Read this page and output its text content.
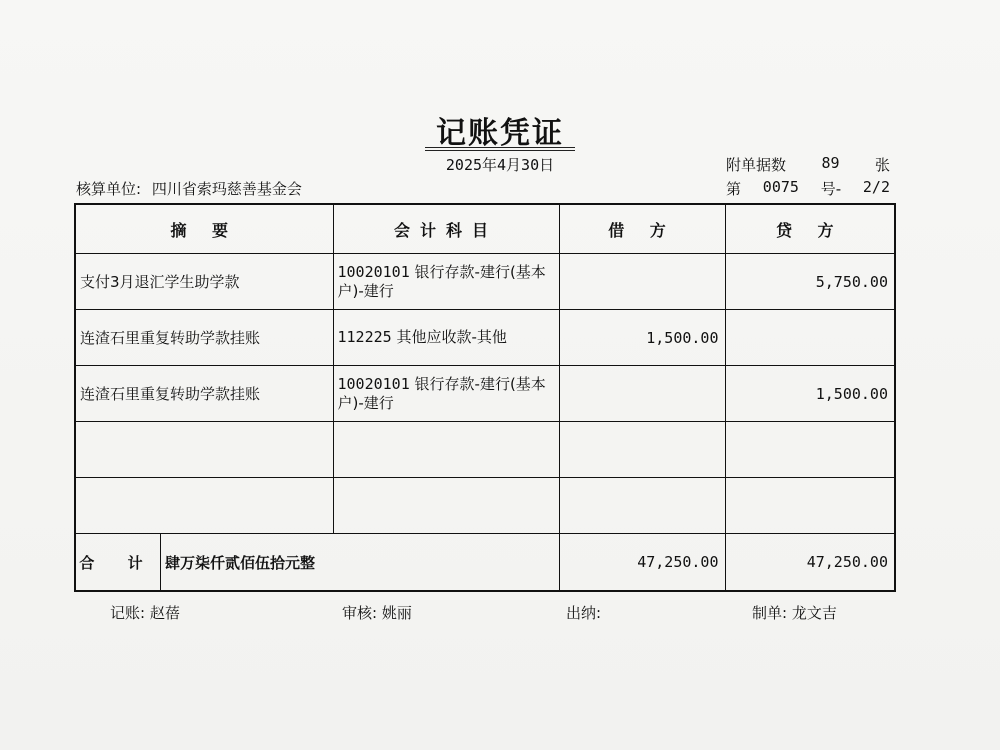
记账凭证
2025年4月30日	附单据数 89 张
核算单位: 四川省索玛慈善基金会	第 0075 号- 2/2
摘 要	会计科目	借 方	贷 方
支付3月退汇学生助学款	10020101 银行存款-建行(基本户)-建行		5,750.00
连渣石里重复转助学款挂账	112225 其他应收款-其他	1,500.00	
连渣石里重复转助学款挂账	10020101 银行存款-建行(基本户)-建行		1,500.00

合 计 肆万柒仟贰佰伍拾元整		47,250.00	47,250.00
记账: 赵蓓	审核: 姚丽	出纳:	制单: 龙文吉
